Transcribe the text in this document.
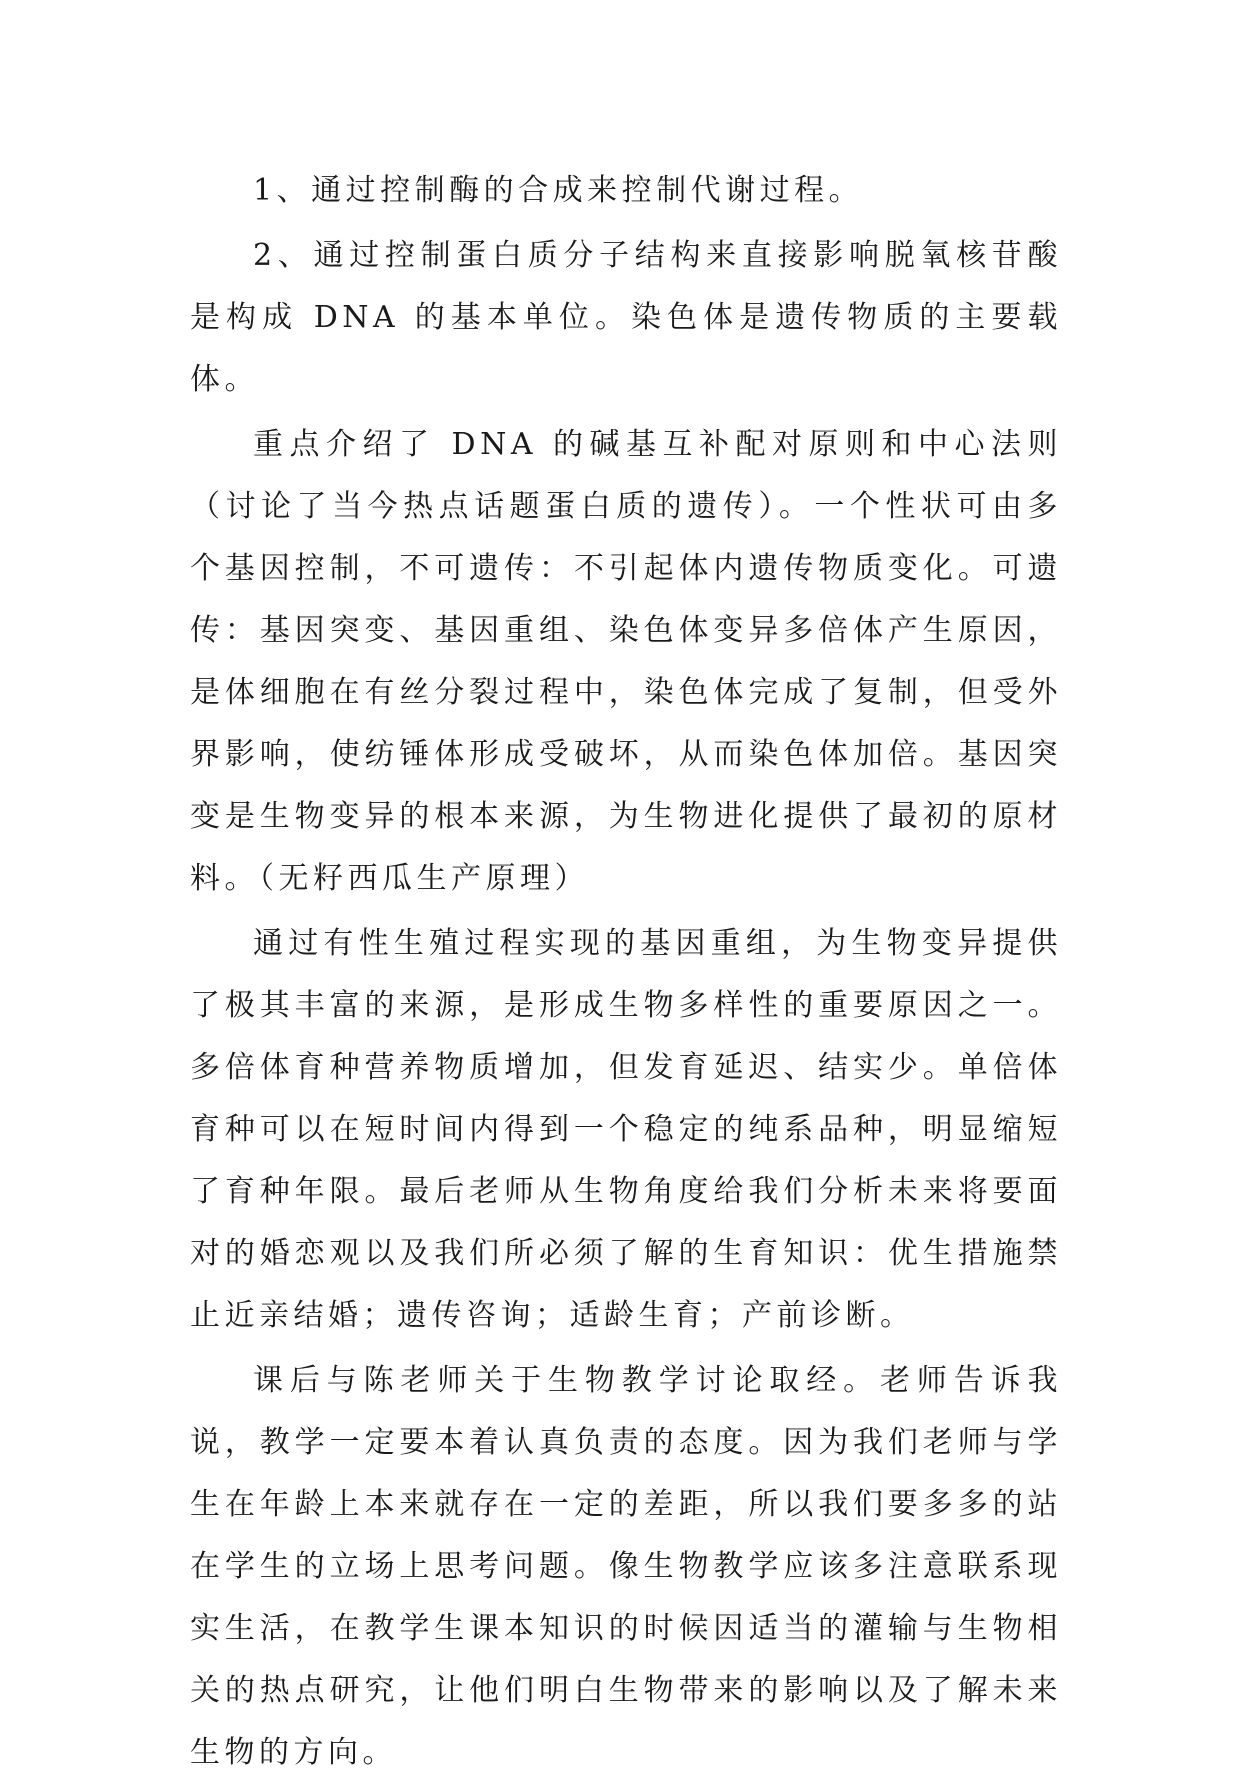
1、通过控制酶的合成来控制代谢过程。

2、通过控制蛋白质分子结构来直接影响脱氧核苷酸是构成 DNA 的基本单位。染色体是遗传物质的主要载体。

重点介绍了 DNA 的碱基互补配对原则和中心法则（讨论了当今热点话题蛋白质的遗传）。一个性状可由多个基因控制，不可遗传：不引起体内遗传物质变化。可遗传：基因突变、基因重组、染色体变异多倍体产生原因，是体细胞在有丝分裂过程中，染色体完成了复制，但受外界影响，使纺锤体形成受破坏，从而染色体加倍。基因突变是生物变异的根本来源，为生物进化提供了最初的原材料。（无籽西瓜生产原理）

通过有性生殖过程实现的基因重组，为生物变异提供了极其丰富的来源，是形成生物多样性的重要原因之一。多倍体育种营养物质增加，但发育延迟、结实少。单倍体育种可以在短时间内得到一个稳定的纯系品种，明显缩短了育种年限。最后老师从生物角度给我们分析未来将要面对的婚恋观以及我们所必须了解的生育知识：优生措施禁止近亲结婚；遗传咨询；适龄生育；产前诊断。

课后与陈老师关于生物教学讨论取经。老师告诉我说，教学一定要本着认真负责的态度。因为我们老师与学生在年龄上本来就存在一定的差距，所以我们要多多的站在学生的立场上思考问题。像生物教学应该多注意联系现实生活，在教学生课本知识的时候因适当的灌输与生物相关的热点研究，让他们明白生物带来的影响以及了解未来生物的方向。
